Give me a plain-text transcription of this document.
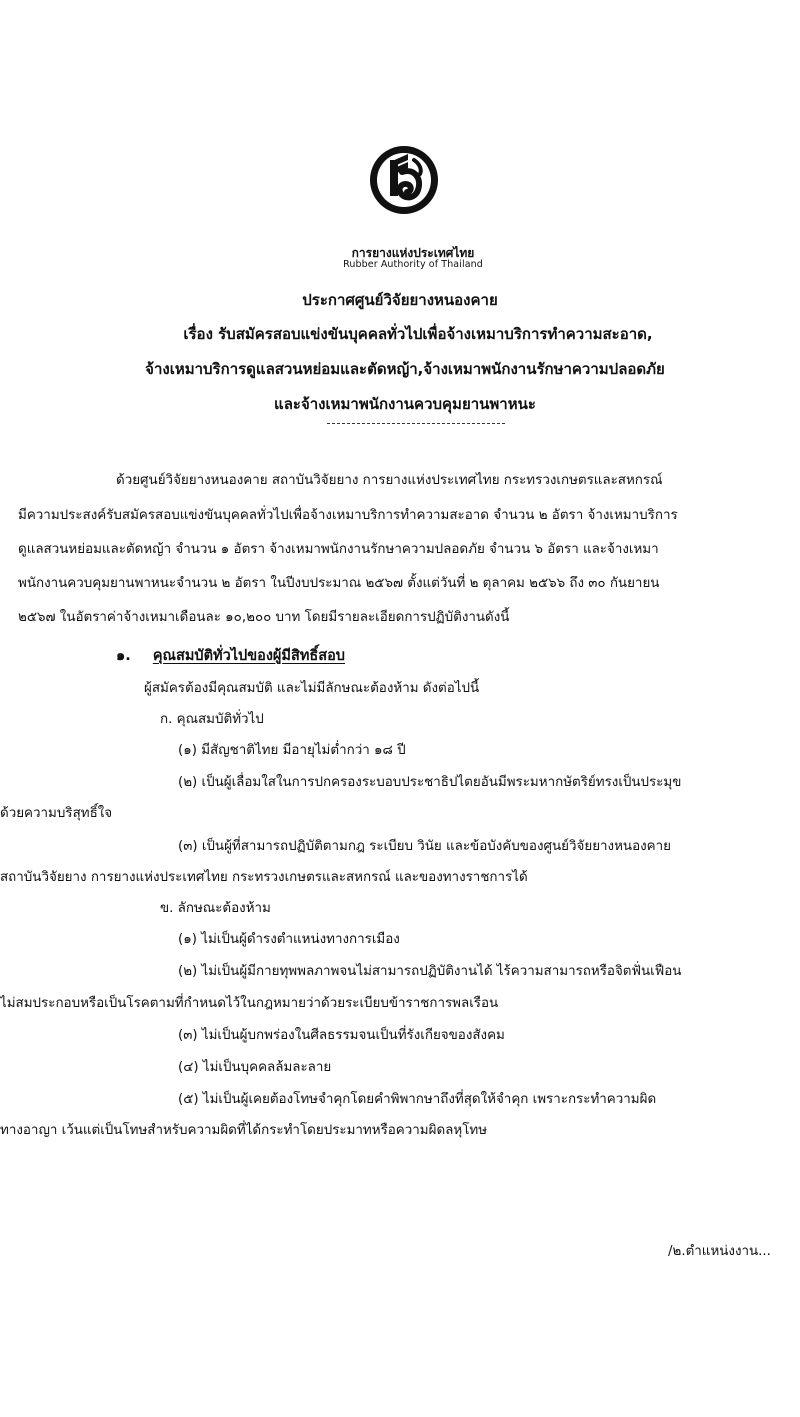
การยางแห่งประเทศไทย
Rubber Authority of Thailand
ประกาศศูนย์วิจัยยางหนองคาย
เรื่อง รับสมัครสอบแข่งขันบุคคลทั่วไปเพื่อจ้างเหมาบริการทำความสะอาด,
จ้างเหมาบริการดูแลสวนหย่อมและตัดหญ้า,จ้างเหมาพนักงานรักษาความปลอดภัย
และจ้างเหมาพนักงานควบคุมยานพาหนะ
ด้วยศูนย์วิจัยยางหนองคาย สถาบันวิจัยยาง การยางแห่งประเทศไทย กระทรวงเกษตรและสหกรณ์
มีความประสงค์รับสมัครสอบแข่งขันบุคคลทั่วไปเพื่อจ้างเหมาบริการทำความสะอาด จำนวน ๒ อัตรา จ้างเหมาบริการ
ดูแลสวนหย่อมและตัดหญ้า จำนวน ๑ อัตรา จ้างเหมาพนักงานรักษาความปลอดภัย จำนวน ๖ อัตรา และจ้างเหมา
พนักงานควบคุมยานพาหนะจำนวน ๒ อัตรา ในปีงบประมาณ ๒๕๖๗ ตั้งแต่วันที่ ๒ ตุลาคม ๒๕๖๖ ถึง ๓๐ กันยายน
๒๕๖๗ ในอัตราค่าจ้างเหมาเดือนละ ๑๐,๒๐๐ บาท โดยมีรายละเอียดการปฏิบัติงานดังนี้
๑. คุณสมบัติทั่วไปของผู้มีสิทธิ์สอบ
ผู้สมัครต้องมีคุณสมบัติ และไม่มีลักษณะต้องห้าม ดังต่อไปนี้
ก. คุณสมบัติทั่วไป
(๑) มีสัญชาติไทย มีอายุไม่ต่ำกว่า ๑๘ ปี
(๒) เป็นผู้เลื่อมใสในการปกครองระบอบประชาธิปไตยอันมีพระมหากษัตริย์ทรงเป็นประมุข
ด้วยความบริสุทธิ์ใจ
(๓) เป็นผู้ที่สามารถปฏิบัติตามกฎ ระเบียบ วินัย และข้อบังคับของศูนย์วิจัยยางหนองคาย
สถาบันวิจัยยาง การยางแห่งประเทศไทย กระทรวงเกษตรและสหกรณ์ และของทางราชการได้
ข. ลักษณะต้องห้าม
(๑) ไม่เป็นผู้ดำรงตำแหน่งทางการเมือง
(๒) ไม่เป็นผู้มีกายทุพพลภาพจนไม่สามารถปฏิบัติงานได้ ไร้ความสามารถหรือจิตฟั่นเฟือน
ไม่สมประกอบหรือเป็นโรคตามที่กำหนดไว้ในกฎหมายว่าด้วยระเบียบข้าราชการพลเรือน
(๓) ไม่เป็นผู้บกพร่องในศีลธรรมจนเป็นที่รังเกียจของสังคม
(๔) ไม่เป็นบุคคลล้มละลาย
(๕) ไม่เป็นผู้เคยต้องโทษจำคุกโดยคำพิพากษาถึงที่สุดให้จำคุก เพราะกระทำความผิด
ทางอาญา เว้นแต่เป็นโทษสำหรับความผิดที่ได้กระทำโดยประมาทหรือความผิดลหุโทษ
/๒.ตำแหน่งงาน...
